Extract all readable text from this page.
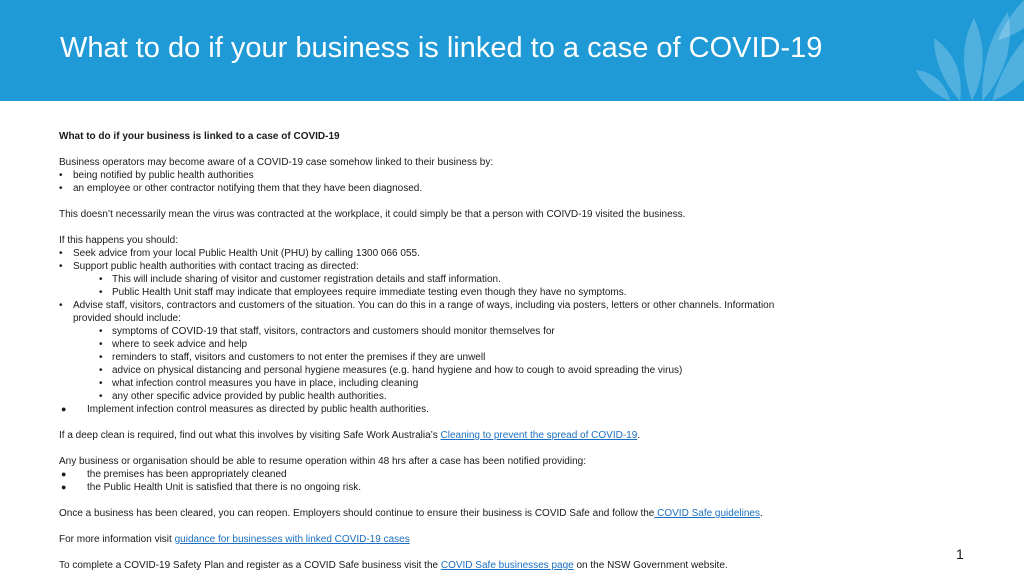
What to do if your business is linked to a case of COVID-19
What to do if your business is linked to a case of COVID-19
Business operators may become aware of a COVID-19 case somehow linked to their business by:
• being notified by public health authorities
• an employee or other contractor notifying them that they have been diagnosed.
This doesn’t necessarily mean the virus was contracted at the workplace, it could simply be that a person with COIVD-19 visited the business.
If this happens you should:
• Seek advice from your local Public Health Unit (PHU) by calling 1300 066 055.
• Support public health authorities with contact tracing as directed:
• This will include sharing of visitor and customer registration details and staff information.
• Public Health Unit staff may indicate that employees require immediate testing even though they have no symptoms.
• Advise staff, visitors, contractors and customers of the situation. You can do this in a range of ways, including via posters, letters or other channels. Information
provided should include:
• symptoms of COVID-19 that staff, visitors, contractors and customers should monitor themselves for
• where to seek advice and help
• reminders to staff, visitors and customers to not enter the premises if they are unwell
• advice on physical distancing and personal hygiene measures (e.g. hand hygiene and how to cough to avoid spreading the virus)
• what infection control measures you have in place, including cleaning
• any other specific advice provided by public health authorities.
● Implement infection control measures as directed by public health authorities.
If a deep clean is required, find out what this involves by visiting Safe Work Australia’s Cleaning to prevent the spread of COVID-19.
Any business or organisation should be able to resume operation within 48 hrs after a case has been notified providing:
● the premises has been appropriately cleaned
● the Public Health Unit is satisfied that there is no ongoing risk.
Once a business has been cleared, you can reopen. Employers should continue to ensure their business is COVID Safe and follow the COVID Safe guidelines.
For more information visit guidance for businesses with linked COVID-19 cases
To complete a COVID-19 Safety Plan and register as a COVID Safe business visit the COVID Safe businesses page on the NSW Government website.
1
